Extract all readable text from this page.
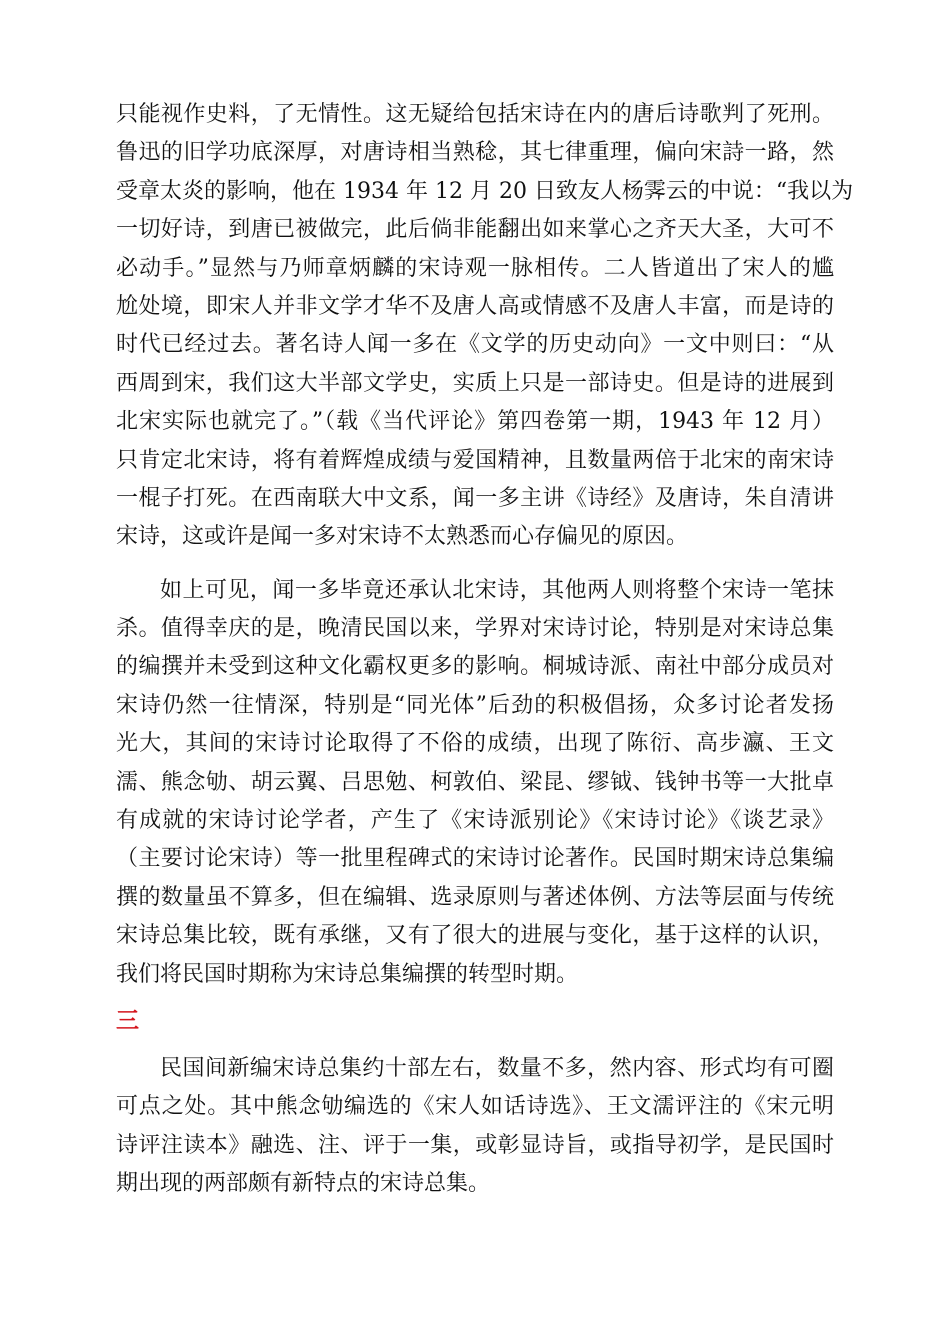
只能视作史料，了无情性。这无疑给包括宋诗在内的唐后诗歌判了死刑。
鲁迅的旧学功底深厚，对唐诗相当熟稔，其七律重理，偏向宋詩一路，然
受章太炎的影响，他在 1934 年 12 月 20 日致友人杨霁云的中说：“我以为
一切好诗，到唐已被做完，此后倘非能翻出如来掌心之齐天大圣，大可不
必动手。”显然与乃师章炳麟的宋诗观一脉相传。二人皆道出了宋人的尴
尬处境，即宋人并非文学才华不及唐人高或情感不及唐人丰富，而是诗的
时代已经过去。著名诗人闻一多在《文学的历史动向》一文中则曰：“从
西周到宋，我们这大半部文学史，实质上只是一部诗史。但是诗的进展到
北宋实际也就完了。”（载《当代评论》第四卷第一期，1943 年 12 月）
只肯定北宋诗，将有着辉煌成绩与爱国精神，且数量两倍于北宋的南宋诗
一棍子打死。在西南联大中文系，闻一多主讲《诗经》及唐诗，朱自清讲
宋诗，这或许是闻一多对宋诗不太熟悉而心存偏见的原因。
如上可见，闻一多毕竟还承认北宋诗，其他两人则将整个宋诗一笔抹
杀。值得幸庆的是，晚清民国以来，学界对宋诗讨论，特别是对宋诗总集
的编撰并未受到这种文化霸权更多的影响。桐城诗派、南社中部分成员对
宋诗仍然一往情深，特别是“同光体”后劲的积极倡扬，众多讨论者发扬
光大，其间的宋诗讨论取得了不俗的成绩，出现了陈衍、高步瀛、王文
濡、熊念劬、胡云翼、吕思勉、柯敦伯、梁昆、缪钺、钱钟书等一大批卓
有成就的宋诗讨论学者，产生了《宋诗派别论》《宋诗讨论》《谈艺录》
（主要讨论宋诗）等一批里程碑式的宋诗讨论著作。民国时期宋诗总集编
撰的数量虽不算多，但在编辑、选录原则与著述体例、方法等层面与传统
宋诗总集比较，既有承继，又有了很大的进展与变化，基于这样的认识，
我们将民国时期称为宋诗总集编撰的转型时期。
三
民国间新编宋诗总集约十部左右，数量不多，然内容、形式均有可圈
可点之处。其中熊念劬编选的《宋人如话诗选》、王文濡评注的《宋元明
诗评注读本》融选、注、评于一集，或彰显诗旨，或指导初学，是民国时
期出现的两部颇有新特点的宋诗总集。
